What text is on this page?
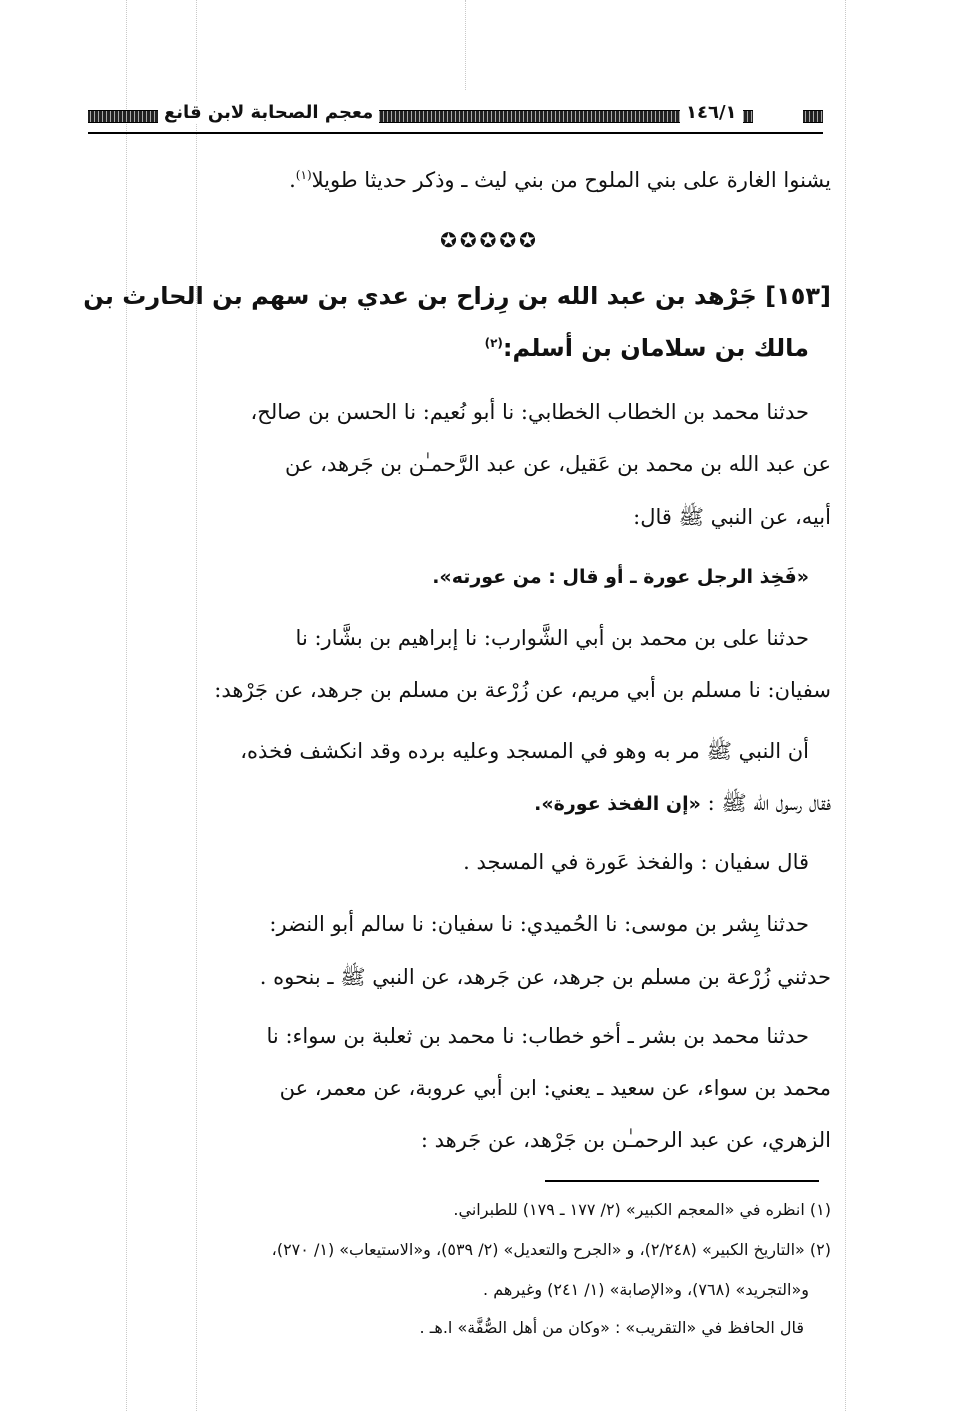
معجم الصحابة لابن قانع	١٤٦/١
يشنوا الغارة على بني الملوح من بني ليث ـ وذكر حديثا طويلا$^{(١)}$.
✪✪✪✪✪
[١٥٣] جَرْهد بن عبد الله بن رِزاح بن عدي بن سهم بن الحارث بن
مالك بن سلامان بن أسلم:$^{(٢)}$
حدثنا محمد بن الخطاب الخطابي: نا أبو نُعيم: نا الحسن بن صالح،
عن عبد الله بن محمد بن عَقيل، عن عبد الرَّحمـٰن بن جَرهد، عن
أبيه، عن النبي ﷺ قال:
«فَخِذ الرجل عورة ـ أو قال : من عورته».
حدثنا على بن محمد بن أبي الشَّوارب: نا إبراهيم بن بشَّار: نا
سفيان: نا مسلم بن أبي مريم، عن زُرْعة بن مسلم بن جرهد، عن جَرْهد:
أن النبي ﷺ مر به وهو في المسجد وعليه برده وقد انكشف فخذه،
فقال رسول الله ﷺ : «إن الفخذ عورة».
قال سفيان : والفخذ عَورة في المسجد .
حدثنا بِشر بن موسى: نا الحُميدي: نا سفيان: نا سالم أبو النضر:
حدثني زُرْعة بن مسلم بن جرهد، عن جَرهد، عن النبي ﷺ ـ بنحوه .
حدثنا محمد بن بشر ـ أخو خطاب: نا محمد بن ثعلبة بن سواء: نا
محمد بن سواء، عن سعيد ـ يعني: ابن أبي عروبة، عن معمر، عن
الزهري، عن عبد الرحمـٰن بن جَرْهد، عن جَرهد :
(١) انظره في «المعجم الكبير» (٢/ ١٧٧ ـ ١٧٩) للطبراني.
(٢) «التاريخ الكبير» (٢/٢٤٨)، و «الجرح والتعديل» (٢/ ٥٣٩)، و«الاستيعاب» (١/ ٢٧٠)،
و«التجريد» (٧٦٨)، و«الإصابة» (١/ ٢٤١) وغيرهم .
قال الحافظ في «التقريب» : «وكان من أهل الصُّفَّة» ا.هـ .
